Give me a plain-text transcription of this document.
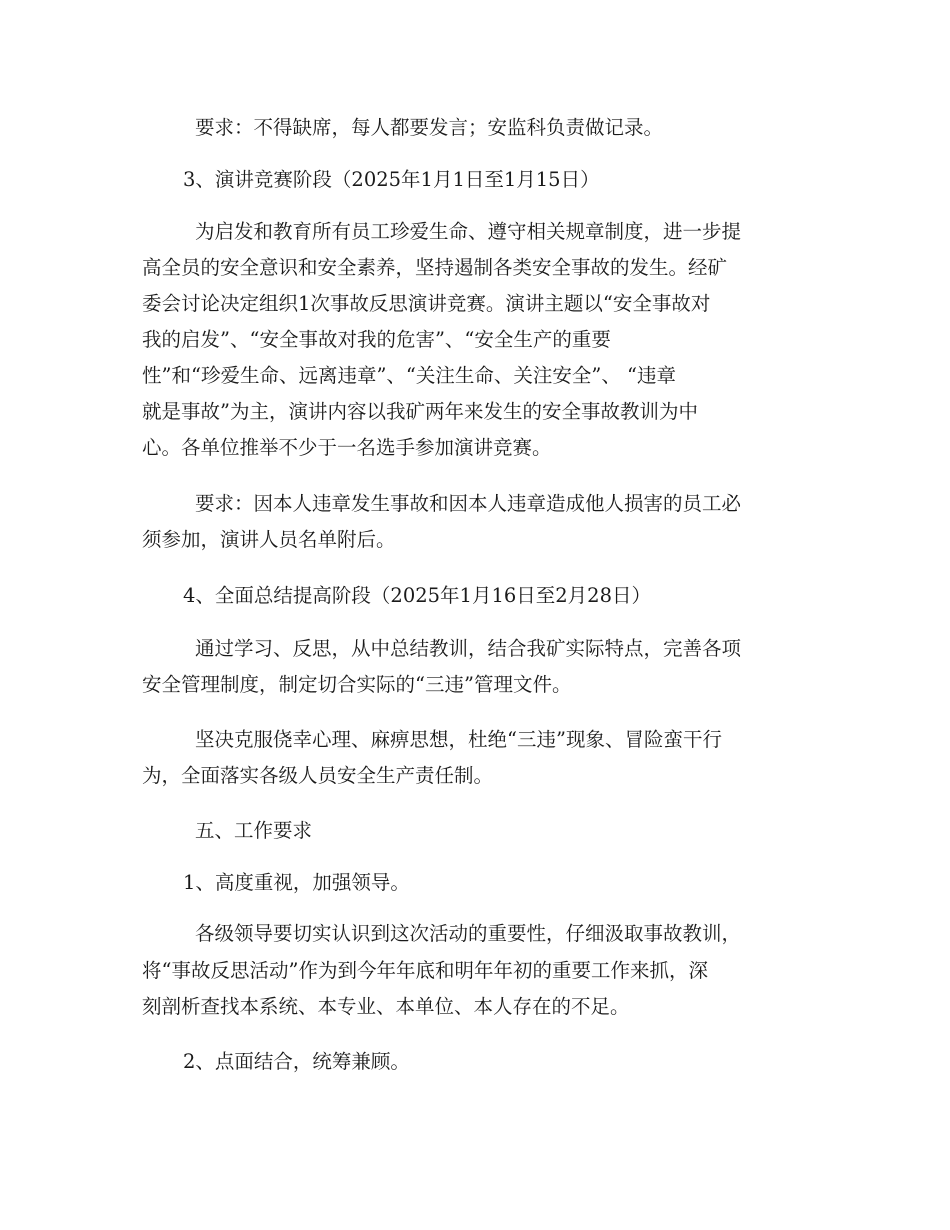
要求：不得缺席，每人都要发言；安监科负责做记录。
3、演讲竞赛阶段（2025年1月1日至1月15日）
为启发和教育所有员工珍爱生命、遵守相关规章制度，进一步提
高全员的安全意识和安全素养，坚持遏制各类安全事故的发生。经矿
委会讨论决定组织1次事故反思演讲竞赛。演讲主题以“安全事故对
我的启发”、“安全事故对我的危害”、“安全生产的重要
性”和“珍爱生命、远离违章”、“关注生命、关注安全”、 “违章
就是事故”为主，演讲内容以我矿两年来发生的安全事故教训为中
心。各单位推举不少于一名选手参加演讲竞赛。
要求：因本人违章发生事故和因本人违章造成他人损害的员工必
须参加，演讲人员名单附后。
4、全面总结提高阶段（2025年1月16日至2月28日）
通过学习、反思，从中总结教训，结合我矿实际特点，完善各项
安全管理制度，制定切合实际的“三违”管理文件。
坚决克服侥幸心理、麻痹思想，杜绝“三违”现象、冒险蛮干行
为，全面落实各级人员安全生产责任制。
五、工作要求
1、高度重视，加强领导。
各级领导要切实认识到这次活动的重要性，仔细汲取事故教训，
将“事故反思活动”作为到今年年底和明年年初的重要工作来抓，深
刻剖析查找本系统、本专业、本单位、本人存在的不足。
2、点面结合，统筹兼顾。
